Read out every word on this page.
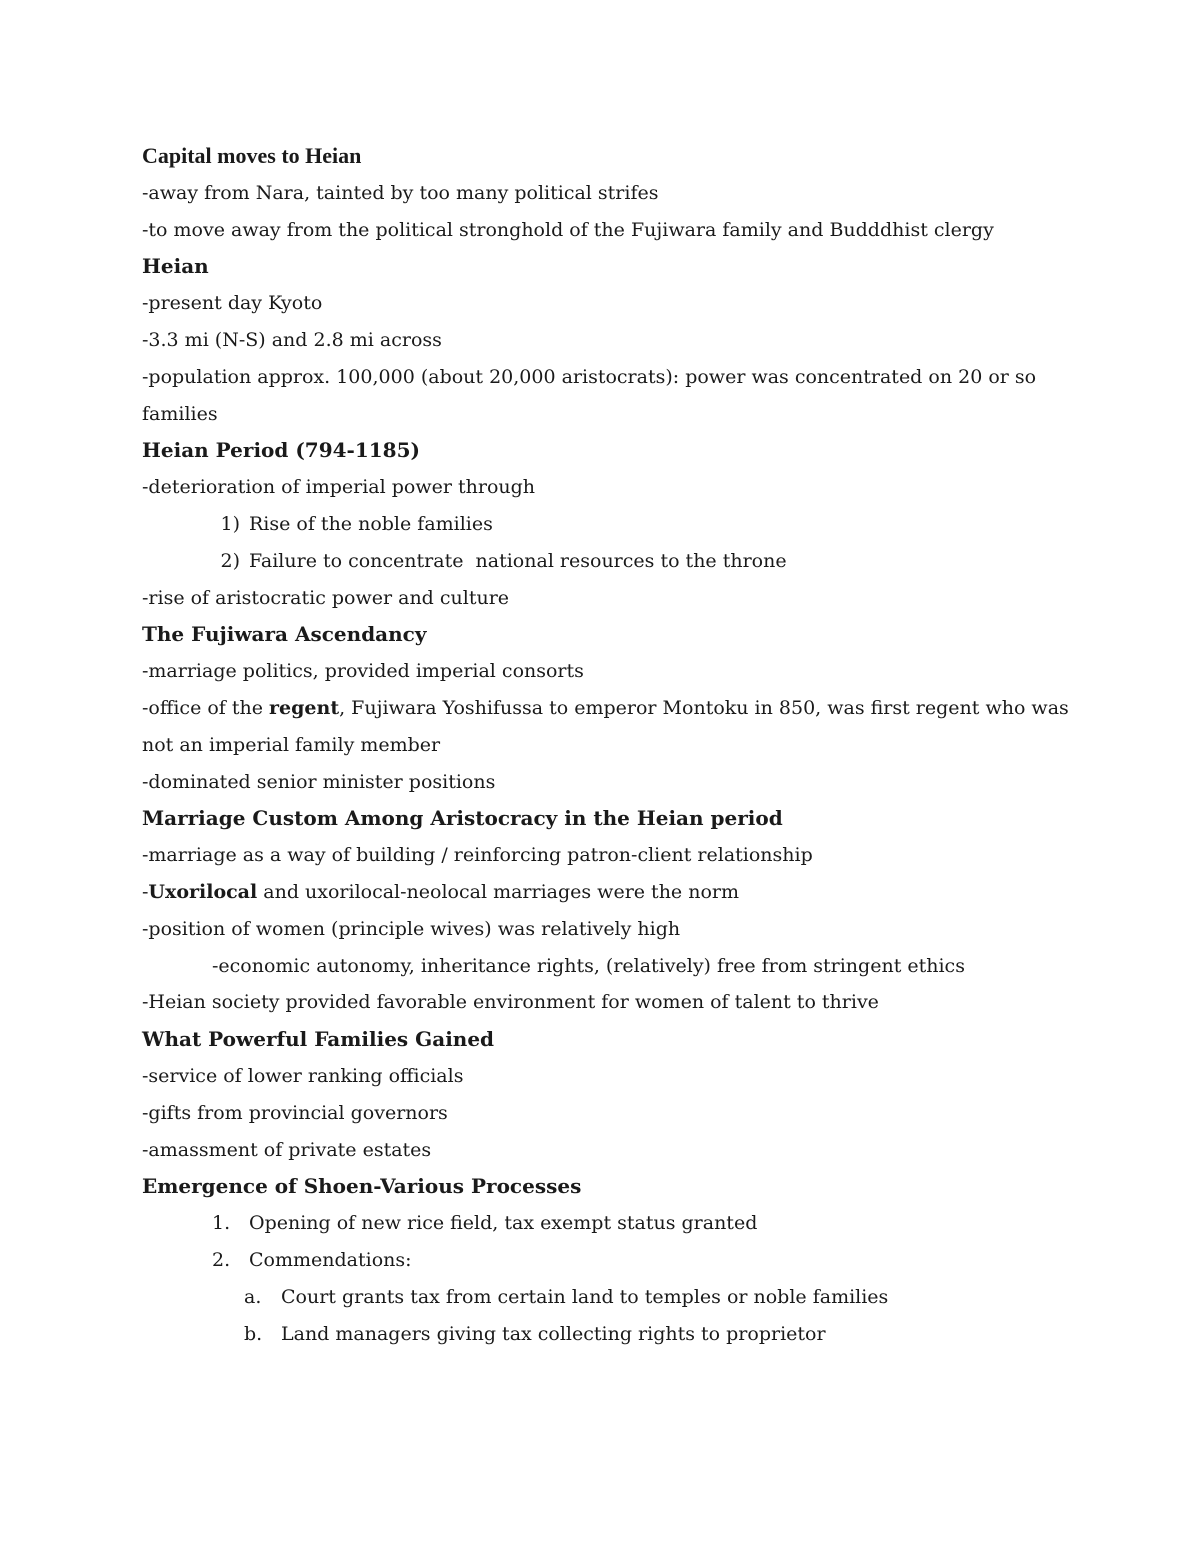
Capital moves to Heian
-away from Nara, tainted by too many political strifes
-to move away from the political stronghold of the Fujiwara family and Budddhist clergy
Heian
-present day Kyoto
-3.3 mi (N-S) and 2.8 mi across
-population approx. 100,000 (about 20,000 aristocrats): power was concentrated on 20 or so
families
Heian Period (794-1185)
-deterioration of imperial power through
1) Rise of the noble families
2) Failure to concentrate  national resources to the throne
-rise of aristocratic power and culture
The Fujiwara Ascendancy
-marriage politics, provided imperial consorts
-office of the regent, Fujiwara Yoshifussa to emperor Montoku in 850, was first regent who was
not an imperial family member
-dominated senior minister positions
Marriage Custom Among Aristocracy in the Heian period
-marriage as a way of building / reinforcing patron-client relationship
-Uxorilocal and uxorilocal-neolocal marriages were the norm
-position of women (principle wives) was relatively high
-economic autonomy, inheritance rights, (relatively) free from stringent ethics
-Heian society provided favorable environment for women of talent to thrive
What Powerful Families Gained
-service of lower ranking officials
-gifts from provincial governors
-amassment of private estates
Emergence of Shoen-Various Processes
1. Opening of new rice field, tax exempt status granted
2. Commendations:
a. Court grants tax from certain land to temples or noble families
b. Land managers giving tax collecting rights to proprietor
